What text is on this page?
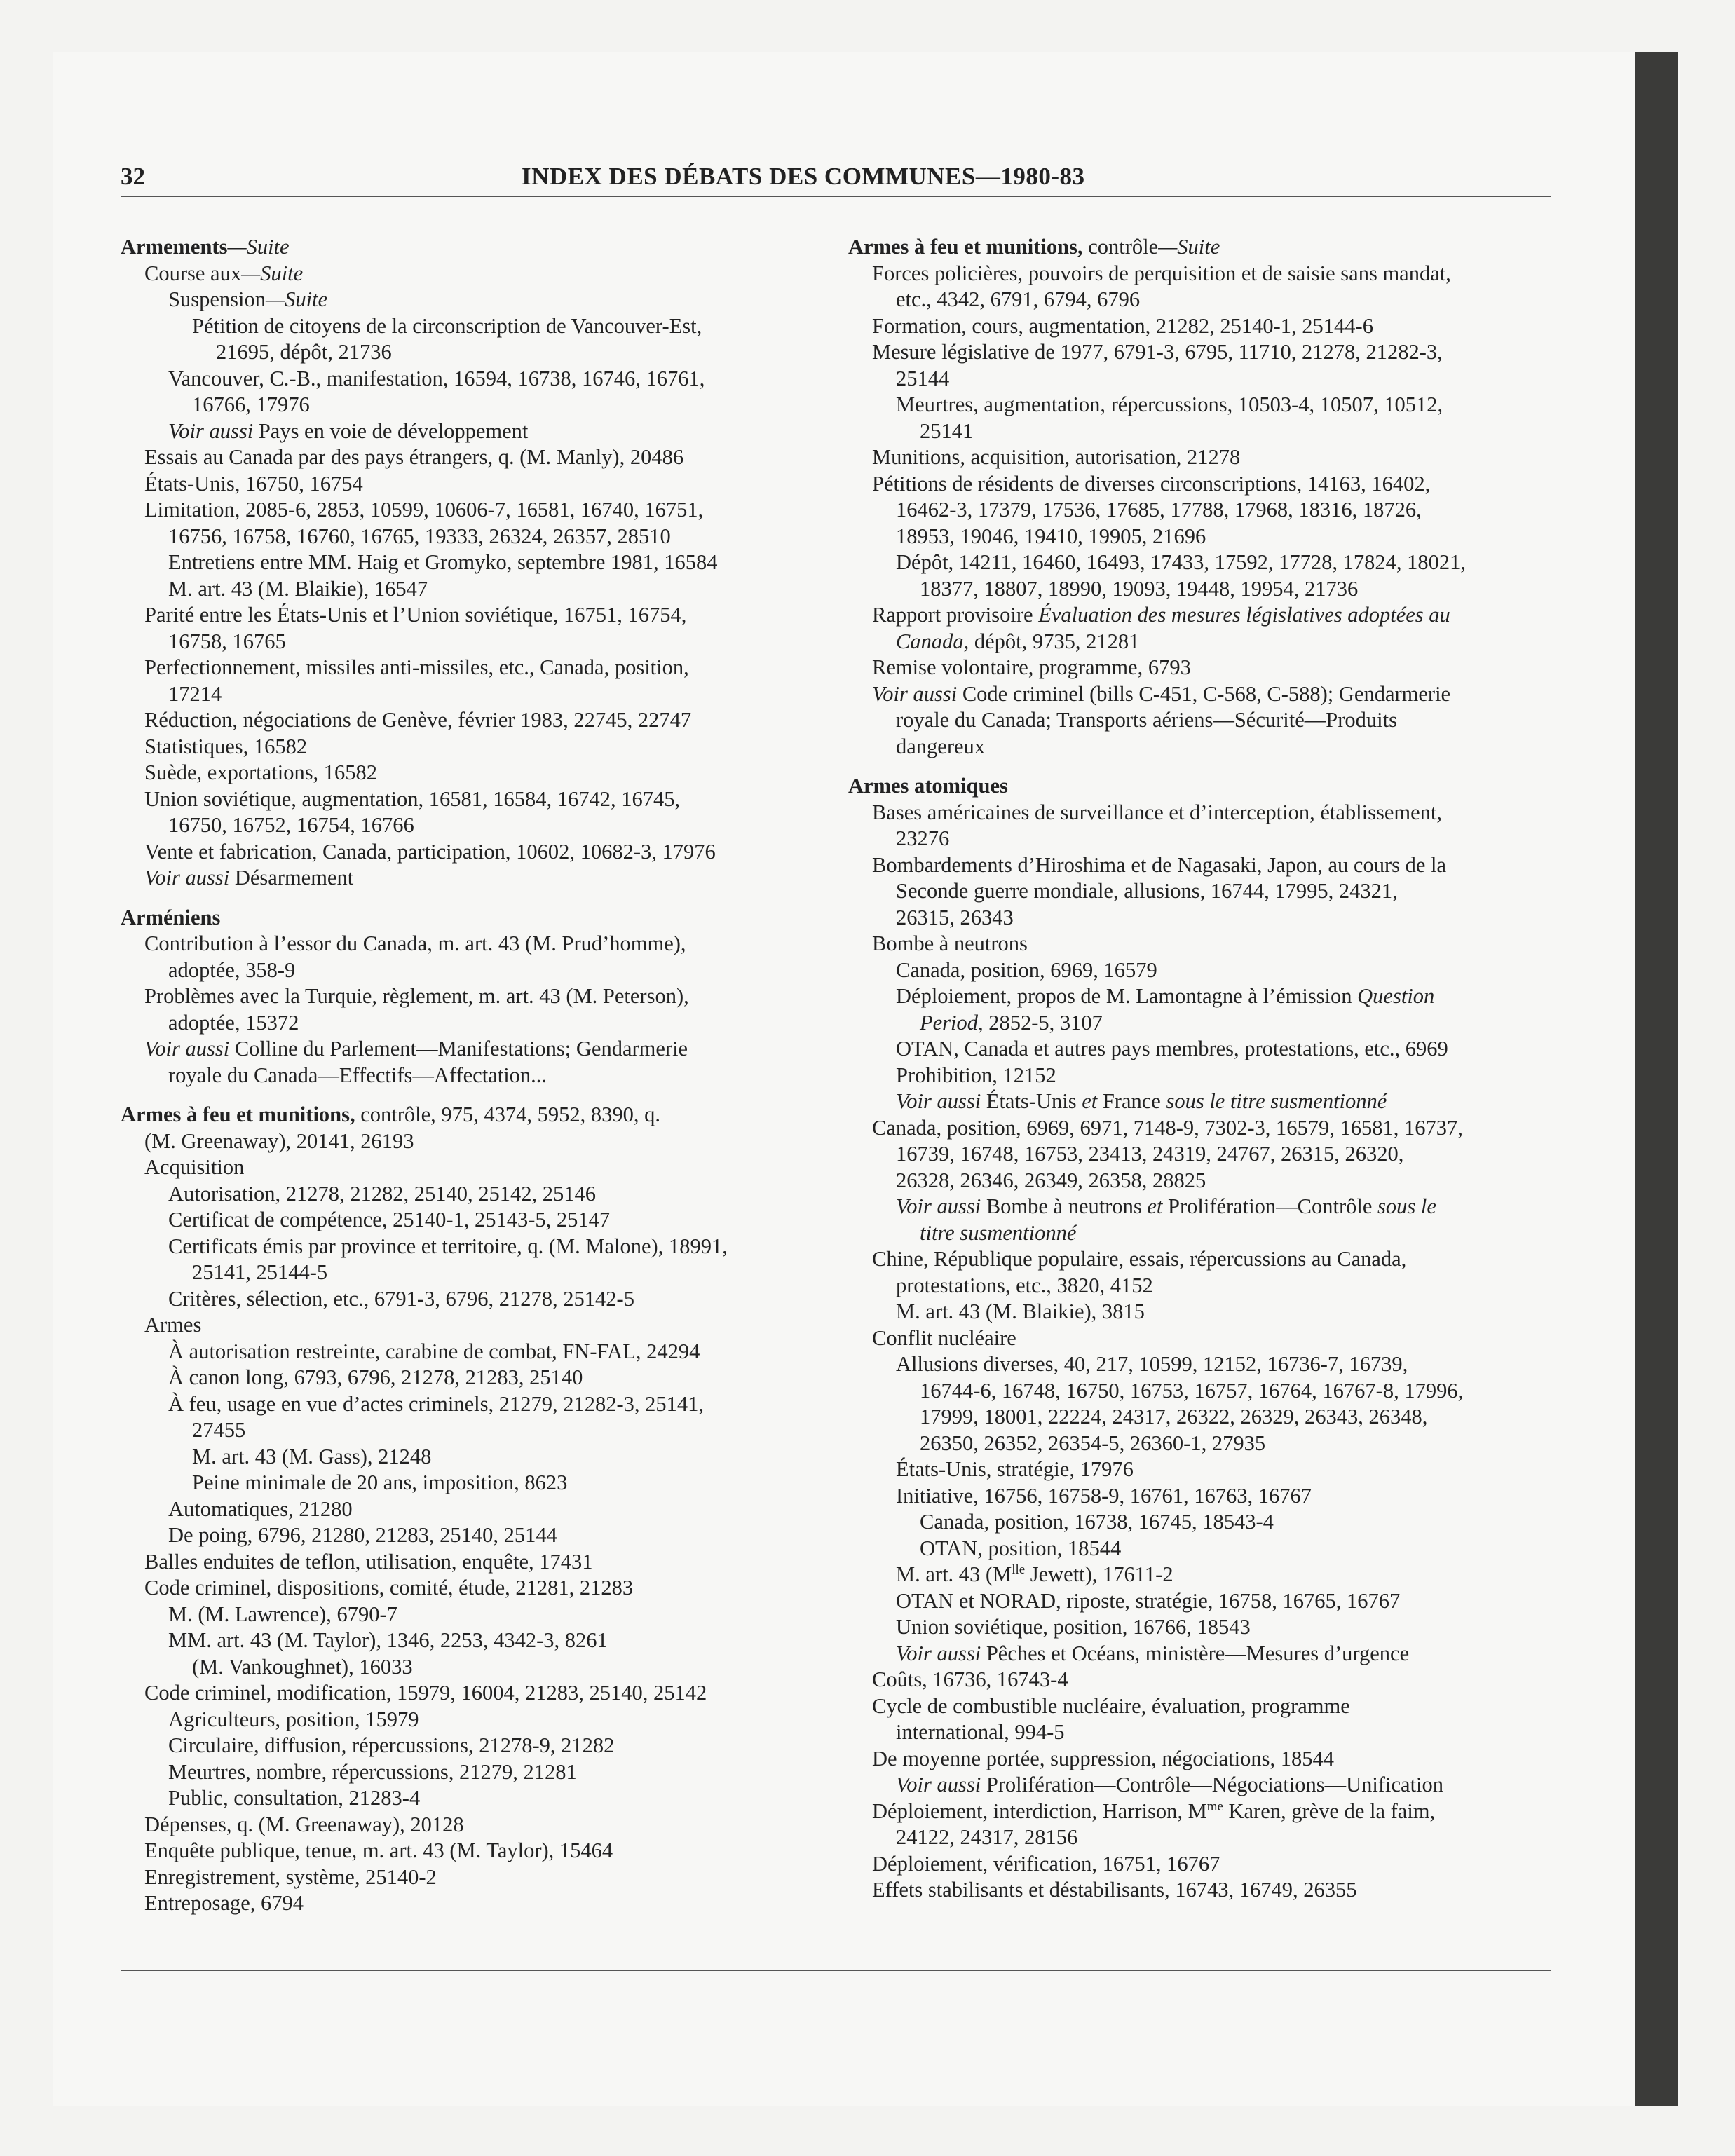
32	INDEX DES DÉBATS DES COMMUNES—1980-83
Armements—Suite
Course aux—Suite
Suspension—Suite
Pétition de citoyens de la circonscription de Vancouver-Est,
21695, dépôt, 21736
Vancouver, C.-B., manifestation, 16594, 16738, 16746, 16761,
16766, 17976
Voir aussi Pays en voie de développement
Essais au Canada par des pays étrangers, q. (M. Manly), 20486
États-Unis, 16750, 16754
Limitation, 2085-6, 2853, 10599, 10606-7, 16581, 16740, 16751,
16756, 16758, 16760, 16765, 19333, 26324, 26357, 28510
Entretiens entre MM. Haig et Gromyko, septembre 1981, 16584
M. art. 43 (M. Blaikie), 16547
Parité entre les États-Unis et l’Union soviétique, 16751, 16754,
16758, 16765
Perfectionnement, missiles anti-missiles, etc., Canada, position,
17214
Réduction, négociations de Genève, février 1983, 22745, 22747
Statistiques, 16582
Suède, exportations, 16582
Union soviétique, augmentation, 16581, 16584, 16742, 16745,
16750, 16752, 16754, 16766
Vente et fabrication, Canada, participation, 10602, 10682-3, 17976
Voir aussi Désarmement
Arméniens
Contribution à l’essor du Canada, m. art. 43 (M. Prud’homme),
adoptée, 358-9
Problèmes avec la Turquie, règlement, m. art. 43 (M. Peterson),
adoptée, 15372
Voir aussi Colline du Parlement—Manifestations; Gendarmerie
royale du Canada—Effectifs—Affectation...
Armes à feu et munitions, contrôle, 975, 4374, 5952, 8390, q.
(M. Greenaway), 20141, 26193
Acquisition
Autorisation, 21278, 21282, 25140, 25142, 25146
Certificat de compétence, 25140-1, 25143-5, 25147
Certificats émis par province et territoire, q. (M. Malone), 18991,
25141, 25144-5
Critères, sélection, etc., 6791-3, 6796, 21278, 25142-5
Armes
À autorisation restreinte, carabine de combat, FN-FAL, 24294
À canon long, 6793, 6796, 21278, 21283, 25140
À feu, usage en vue d’actes criminels, 21279, 21282-3, 25141,
27455
M. art. 43 (M. Gass), 21248
Peine minimale de 20 ans, imposition, 8623
Automatiques, 21280
De poing, 6796, 21280, 21283, 25140, 25144
Balles enduites de teflon, utilisation, enquête, 17431
Code criminel, dispositions, comité, étude, 21281, 21283
M. (M. Lawrence), 6790-7
MM. art. 43 (M. Taylor), 1346, 2253, 4342-3, 8261
(M. Vankoughnet), 16033
Code criminel, modification, 15979, 16004, 21283, 25140, 25142
Agriculteurs, position, 15979
Circulaire, diffusion, répercussions, 21278-9, 21282
Meurtres, nombre, répercussions, 21279, 21281
Public, consultation, 21283-4
Dépenses, q. (M. Greenaway), 20128
Enquête publique, tenue, m. art. 43 (M. Taylor), 15464
Enregistrement, système, 25140-2
Entreposage, 6794
Armes à feu et munitions, contrôle—Suite
Forces policières, pouvoirs de perquisition et de saisie sans mandat,
etc., 4342, 6791, 6794, 6796
Formation, cours, augmentation, 21282, 25140-1, 25144-6
Mesure législative de 1977, 6791-3, 6795, 11710, 21278, 21282-3,
25144
Meurtres, augmentation, répercussions, 10503-4, 10507, 10512,
25141
Munitions, acquisition, autorisation, 21278
Pétitions de résidents de diverses circonscriptions, 14163, 16402,
16462-3, 17379, 17536, 17685, 17788, 17968, 18316, 18726,
18953, 19046, 19410, 19905, 21696
Dépôt, 14211, 16460, 16493, 17433, 17592, 17728, 17824, 18021,
18377, 18807, 18990, 19093, 19448, 19954, 21736
Rapport provisoire Évaluation des mesures législatives adoptées au
Canada, dépôt, 9735, 21281
Remise volontaire, programme, 6793
Voir aussi Code criminel (bills C-451, C-568, C-588); Gendarmerie
royale du Canada; Transports aériens—Sécurité—Produits
dangereux
Armes atomiques
Bases américaines de surveillance et d’interception, établissement,
23276
Bombardements d’Hiroshima et de Nagasaki, Japon, au cours de la
Seconde guerre mondiale, allusions, 16744, 17995, 24321,
26315, 26343
Bombe à neutrons
Canada, position, 6969, 16579
Déploiement, propos de M. Lamontagne à l’émission Question
Period, 2852-5, 3107
OTAN, Canada et autres pays membres, protestations, etc., 6969
Prohibition, 12152
Voir aussi États-Unis et France sous le titre susmentionné
Canada, position, 6969, 6971, 7148-9, 7302-3, 16579, 16581, 16737,
16739, 16748, 16753, 23413, 24319, 24767, 26315, 26320,
26328, 26346, 26349, 26358, 28825
Voir aussi Bombe à neutrons et Prolifération—Contrôle sous le
titre susmentionné
Chine, République populaire, essais, répercussions au Canada,
protestations, etc., 3820, 4152
M. art. 43 (M. Blaikie), 3815
Conflit nucléaire
Allusions diverses, 40, 217, 10599, 12152, 16736-7, 16739,
16744-6, 16748, 16750, 16753, 16757, 16764, 16767-8, 17996,
17999, 18001, 22224, 24317, 26322, 26329, 26343, 26348,
26350, 26352, 26354-5, 26360-1, 27935
États-Unis, stratégie, 17976
Initiative, 16756, 16758-9, 16761, 16763, 16767
Canada, position, 16738, 16745, 18543-4
OTAN, position, 18544
M. art. 43 ($M^{lle}$ Jewett), 17611-2
OTAN et NORAD, riposte, stratégie, 16758, 16765, 16767
Union soviétique, position, 16766, 18543
Voir aussi Pêches et Océans, ministère—Mesures d’urgence
Coûts, 16736, 16743-4
Cycle de combustible nucléaire, évaluation, programme
international, 994-5
De moyenne portée, suppression, négociations, 18544
Voir aussi Prolifération—Contrôle—Négociations—Unification
Déploiement, interdiction, Harrison, $M^{me}$ Karen, grève de la faim,
24122, 24317, 28156
Déploiement, vérification, 16751, 16767
Effets stabilisants et déstabilisants, 16743, 16749, 26355
